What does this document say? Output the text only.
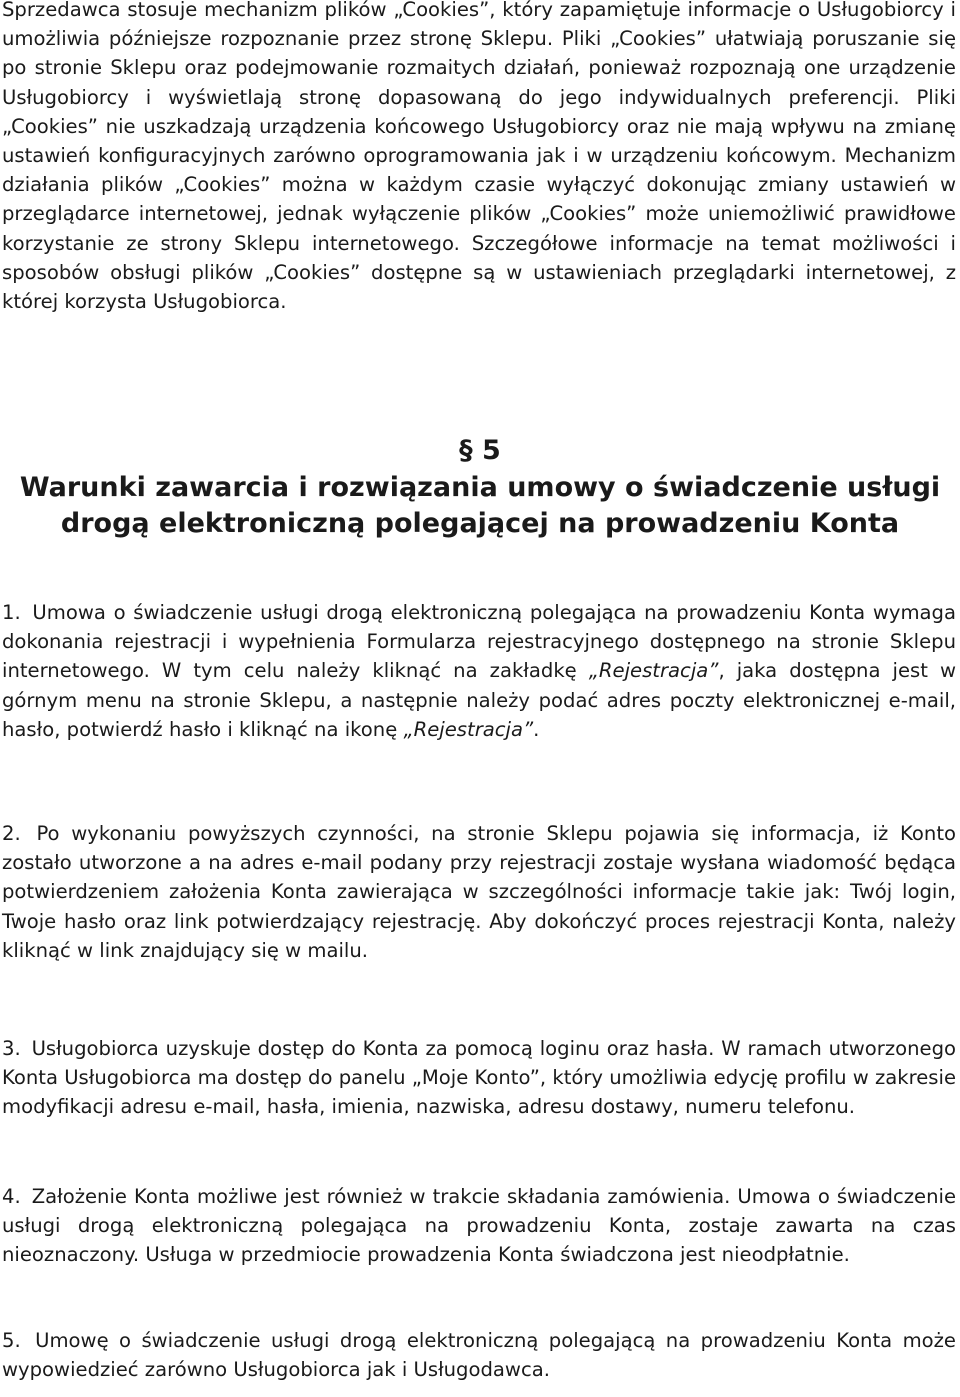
Sprzedawca stosuje mechanizm plików „Cookies”, który zapamiętuje informacje o Usługobiorcy i umożliwia późniejsze rozpoznanie przez stronę Sklepu. Pliki „Cookies” ułatwiają poruszanie się po stronie Sklepu oraz podejmowanie rozmaitych działań, ponieważ rozpoznają one urządzenie Usługobiorcy i wyświetlają stronę dopasowaną do jego indywidualnych preferencji. Pliki „Cookies” nie uszkadzają urządzenia końcowego Usługobiorcy oraz nie mają wpływu na zmianę ustawień konfiguracyjnych zarówno oprogramowania jak i w urządzeniu końcowym. Mechanizm działania plików „Cookies” można w każdym czasie wyłączyć dokonując zmiany ustawień w przeglądarce internetowej, jednak wyłączenie plików „Cookies” może uniemożliwić prawidłowe korzystanie ze strony Sklepu internetowego. Szczegółowe informacje na temat możliwości i sposobów obsługi plików „Cookies” dostępne są w ustawieniach przeglądarki internetowej, z której korzysta Usługobiorca.

§ 5
Warunki zawarcia i rozwiązania umowy o świadczenie usługi drogą elektroniczną polegającej na prowadzeniu Konta

1. Umowa o świadczenie usługi drogą elektroniczną polegająca na prowadzeniu Konta wymaga dokonania rejestracji i wypełnienia Formularza rejestracyjnego dostępnego na stronie Sklepu internetowego. W tym celu należy kliknąć na zakładkę „Rejestracja”, jaka dostępna jest w górnym menu na stronie Sklepu, a następnie należy podać adres poczty elektronicznej e-mail, hasło, potwierdź hasło i kliknąć na ikonę „Rejestracja”.

2. Po wykonaniu powyższych czynności, na stronie Sklepu pojawia się informacja, iż Konto zostało utworzone a na adres e-mail podany przy rejestracji zostaje wysłana wiadomość będąca potwierdzeniem założenia Konta zawierająca w szczególności informacje takie jak: Twój login, Twoje hasło oraz link potwierdzający rejestrację. Aby dokończyć proces rejestracji Konta, należy kliknąć w link znajdujący się w mailu.

3. Usługobiorca uzyskuje dostęp do Konta za pomocą loginu oraz hasła. W ramach utworzonego Konta Usługobiorca ma dostęp do panelu „Moje Konto”, który umożliwia edycję profilu w zakresie modyfikacji adresu e-mail, hasła, imienia, nazwiska, adresu dostawy, numeru telefonu.

4. Założenie Konta możliwe jest również w trakcie składania zamówienia. Umowa o świadczenie usługi drogą elektroniczną polegająca na prowadzeniu Konta, zostaje zawarta na czas nieoznaczony. Usługa w przedmiocie prowadzenia Konta świadczona jest nieodpłatnie.

5. Umowę o świadczenie usługi drogą elektroniczną polegającą na prowadzeniu Konta może wypowiedzieć zarówno Usługobiorca jak i Usługodawca.
